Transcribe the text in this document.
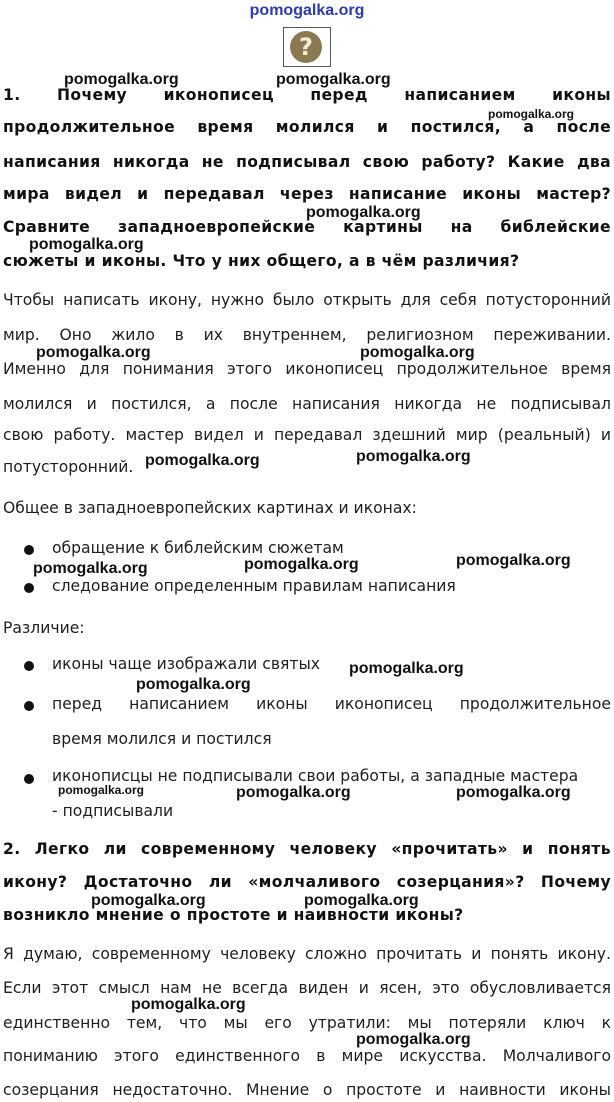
pomogalka.org
?
1. Почему иконописец перед написанием иконы
продолжительное время молился и постился, а после
написания никогда не подписывал свою работу? Какие два
мира видел и передавал через написание иконы мастер?
Сравните западноевропейские картины на библейские
сюжеты и иконы. Что у них общего, а в чём различия?
Чтобы написать икону, нужно было открыть для себя потусторонний
мир. Оно жило в их внутреннем, религиозном переживании.
Именно для понимания этого иконописец продолжительное время
молился и постился, а после написания никогда не подписывал
свою работу. мастер видел и передавал здешний мир (реальный) и
потусторонний.
Общее в западноевропейских картинах и иконах:
обращение к библейским сюжетам
следование определенным правилам написания
Различие:
иконы чаще изображали святых
перед написанием иконы иконописец продолжительное
время молился и постился
иконописцы не подписывали свои работы, а западные мастера
- подписывали
2. Легко ли современному человеку «прочитать» и понять
икону? Достаточно ли «молчаливого созерцания»? Почему
возникло мнение о простоте и наивности иконы?
Я думаю, современному человеку сложно прочитать и понять икону.
Если этот смысл нам не всегда виден и ясен, это обусловливается
единственно тем, что мы его утратили: мы потеряли ключ к
пониманию этого единственного в мире искусства. Молчаливого
созерцания недостаточно. Мнение о простоте и наивности иконы
pomogalka.org	pomogalka.org
pomogalka.org
pomogalka.org
pomogalka.org
pomogalka.org	pomogalka.org
pomogalka.org	pomogalka.org
pomogalka.org
pomogalka.org	pomogalka.org
pomogalka.org
pomogalka.org
pomogalka.org	pomogalka.org	pomogalka.org
pomogalka.org	pomogalka.org
pomogalka.org
pomogalka.org
